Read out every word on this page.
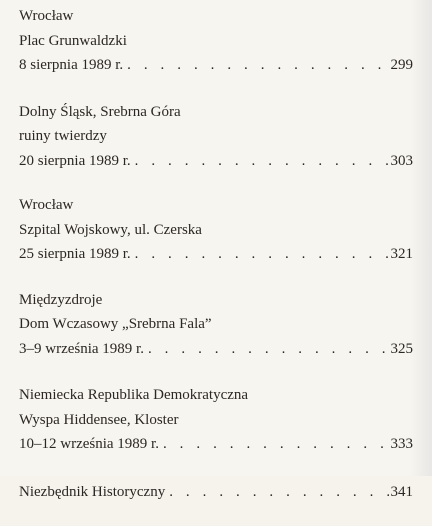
Wrocław
Plac Grunwaldzki
8 sierpnia 1989 r. . . .	299
Dolny Śląsk, Srebrna Góra
ruiny twierdzy
20 sierpnia 1989 r. . . .	303
Wrocław
Szpital Wojskowy, ul. Czerska
25 sierpnia 1989 r. . . .	321
Międzyzdroje
Dom Wczasowy „Srebrna Fala”
3–9 września 1989 r. . . .	325
Niemiecka Republika Demokratyczna
Wyspa Hiddensee, Kloster
10–12 września 1989 r. . . .	333
Niezbędnik Historyczny . . .	341
